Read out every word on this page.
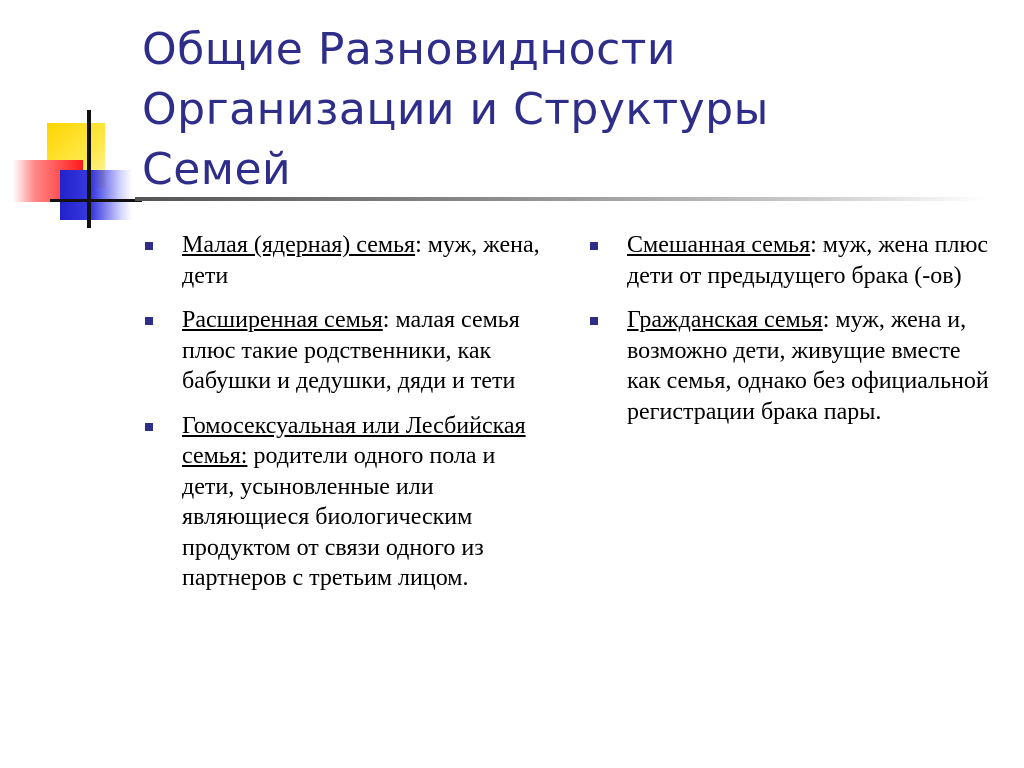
Общие Разновидности
Организации и Структуры
Семей
Малая (ядерная) семья: муж, жена, дети
Расширенная семья: малая семья плюс такие родственники, как бабушки и дедушки, дяди и тети
Гомосексуальная или Лесбийская семья: родители одного пола и дети, усыновленные или являющиеся биологическим продуктом от связи одного из партнеров с третьим лицом.
Смешанная семья: муж, жена плюс дети от предыдущего брака (-ов)
Гражданская семья: муж, жена и, возможно дети, живущие вместе как семья, однако без официальной регистрации брака пары.
